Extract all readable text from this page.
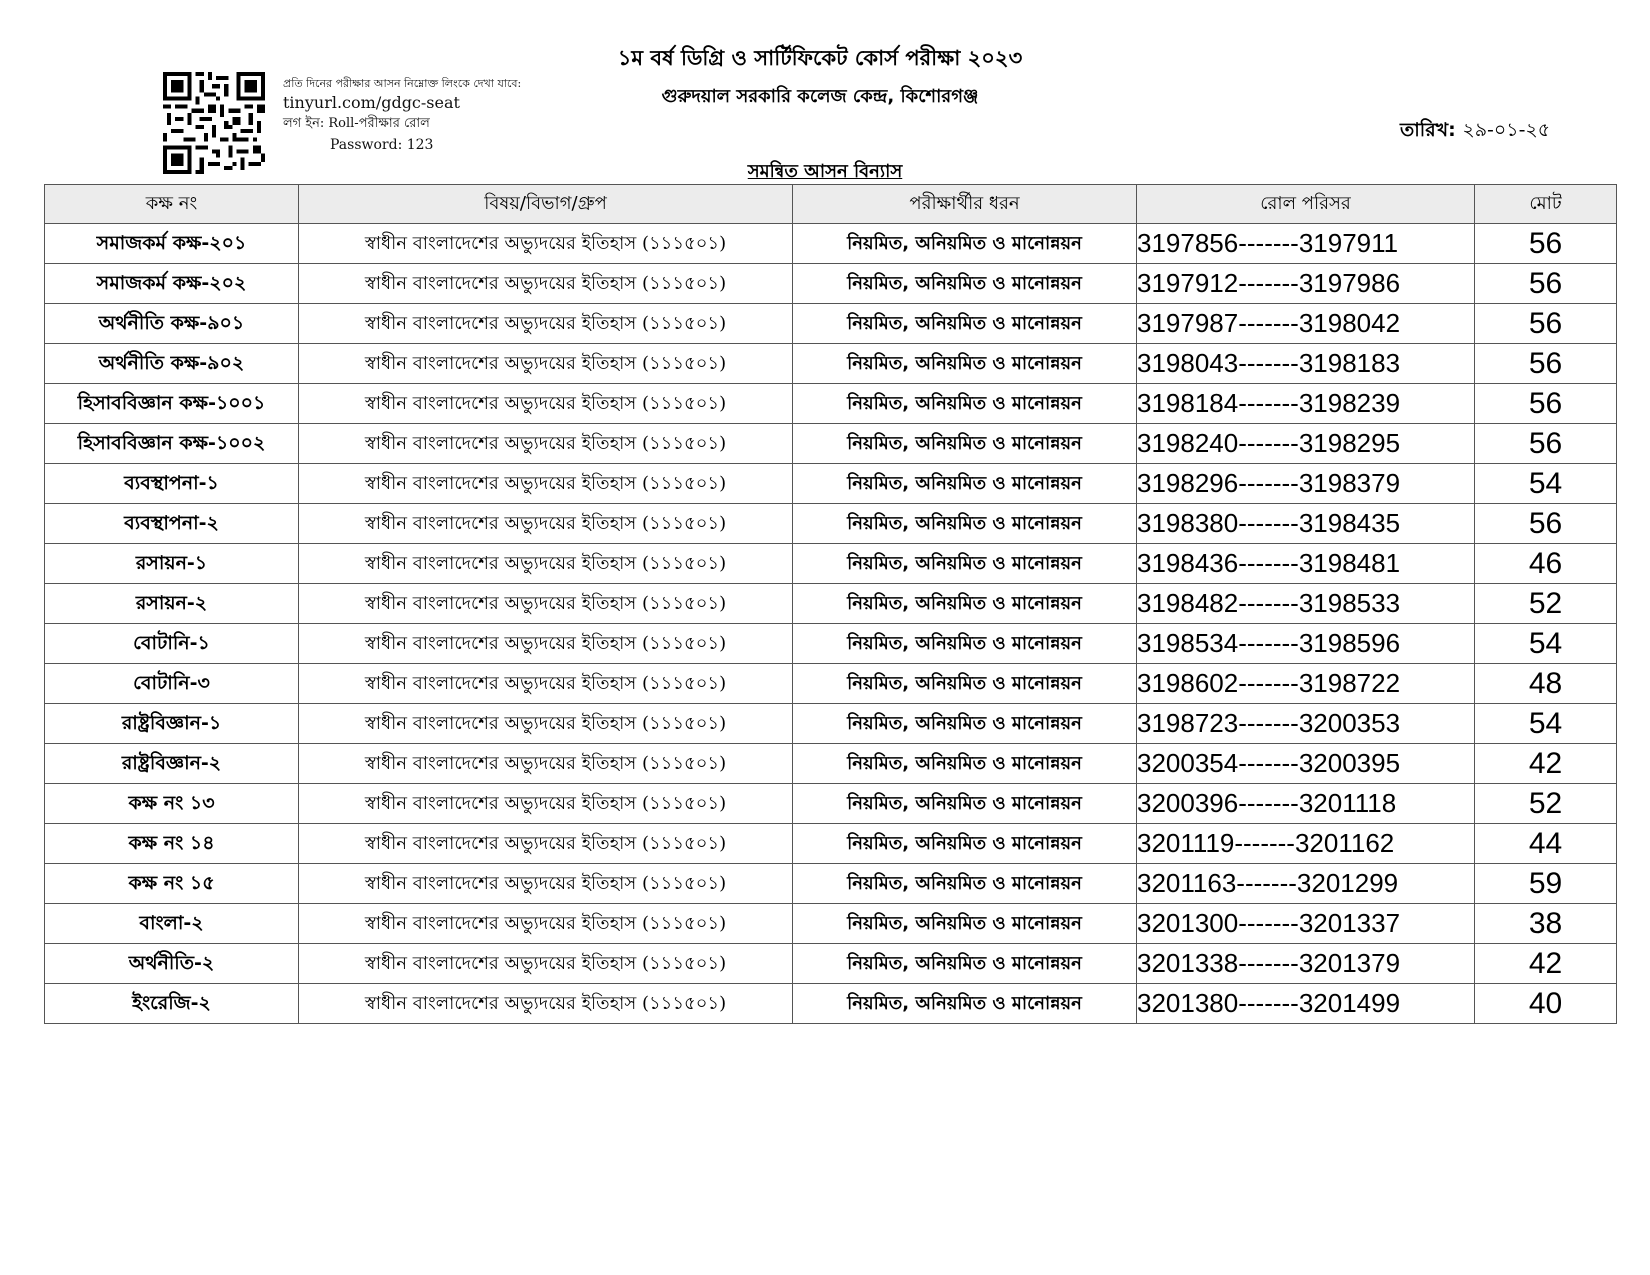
প্রতি দিনের পরীক্ষার আসন নিম্নোক্ত লিংকে দেখা যাবে:
tinyurl.com/gdgc-seat
লগ ইন: Roll-পরীক্ষার রোল
Password: 123
১ম বর্ষ ডিগ্রি ও সার্টিফিকেট কোর্স পরীক্ষা ২০২৩
গুরুদয়াল সরকারি কলেজ কেন্দ্র, কিশোরগঞ্জ
তারিখ: ২৯-০১-২৫
সমন্বিত আসন বিন্যাস
কক্ষ নং	বিষয়/বিভাগ/গ্রুপ	পরীক্ষার্থীর ধরন	রোল পরিসর	মোট
সমাজকর্ম কক্ষ-২০১	স্বাধীন বাংলাদেশের অভ্যুদয়ের ইতিহাস (১১১৫০১)	নিয়মিত, অনিয়মিত ও মানোন্নয়ন	3197856-------3197911	56
সমাজকর্ম কক্ষ-২০২	স্বাধীন বাংলাদেশের অভ্যুদয়ের ইতিহাস (১১১৫০১)	নিয়মিত, অনিয়মিত ও মানোন্নয়ন	3197912-------3197986	56
অর্থনীতি কক্ষ-৯০১	স্বাধীন বাংলাদেশের অভ্যুদয়ের ইতিহাস (১১১৫০১)	নিয়মিত, অনিয়মিত ও মানোন্নয়ন	3197987-------3198042	56
অর্থনীতি কক্ষ-৯০২	স্বাধীন বাংলাদেশের অভ্যুদয়ের ইতিহাস (১১১৫০১)	নিয়মিত, অনিয়মিত ও মানোন্নয়ন	3198043-------3198183	56
হিসাববিজ্ঞান কক্ষ-১০০১	স্বাধীন বাংলাদেশের অভ্যুদয়ের ইতিহাস (১১১৫০১)	নিয়মিত, অনিয়মিত ও মানোন্নয়ন	3198184-------3198239	56
হিসাববিজ্ঞান কক্ষ-১০০২	স্বাধীন বাংলাদেশের অভ্যুদয়ের ইতিহাস (১১১৫০১)	নিয়মিত, অনিয়মিত ও মানোন্নয়ন	3198240-------3198295	56
ব্যবস্থাপনা-১	স্বাধীন বাংলাদেশের অভ্যুদয়ের ইতিহাস (১১১৫০১)	নিয়মিত, অনিয়মিত ও মানোন্নয়ন	3198296-------3198379	54
ব্যবস্থাপনা-২	স্বাধীন বাংলাদেশের অভ্যুদয়ের ইতিহাস (১১১৫০১)	নিয়মিত, অনিয়মিত ও মানোন্নয়ন	3198380-------3198435	56
রসায়ন-১	স্বাধীন বাংলাদেশের অভ্যুদয়ের ইতিহাস (১১১৫০১)	নিয়মিত, অনিয়মিত ও মানোন্নয়ন	3198436-------3198481	46
রসায়ন-২	স্বাধীন বাংলাদেশের অভ্যুদয়ের ইতিহাস (১১১৫০১)	নিয়মিত, অনিয়মিত ও মানোন্নয়ন	3198482-------3198533	52
বোটানি-১	স্বাধীন বাংলাদেশের অভ্যুদয়ের ইতিহাস (১১১৫০১)	নিয়মিত, অনিয়মিত ও মানোন্নয়ন	3198534-------3198596	54
বোটানি-৩	স্বাধীন বাংলাদেশের অভ্যুদয়ের ইতিহাস (১১১৫০১)	নিয়মিত, অনিয়মিত ও মানোন্নয়ন	3198602-------3198722	48
রাষ্ট্রবিজ্ঞান-১	স্বাধীন বাংলাদেশের অভ্যুদয়ের ইতিহাস (১১১৫০১)	নিয়মিত, অনিয়মিত ও মানোন্নয়ন	3198723-------3200353	54
রাষ্ট্রবিজ্ঞান-২	স্বাধীন বাংলাদেশের অভ্যুদয়ের ইতিহাস (১১১৫০১)	নিয়মিত, অনিয়মিত ও মানোন্নয়ন	3200354-------3200395	42
কক্ষ নং ১৩	স্বাধীন বাংলাদেশের অভ্যুদয়ের ইতিহাস (১১১৫০১)	নিয়মিত, অনিয়মিত ও মানোন্নয়ন	3200396-------3201118	52
কক্ষ নং ১৪	স্বাধীন বাংলাদেশের অভ্যুদয়ের ইতিহাস (১১১৫০১)	নিয়মিত, অনিয়মিত ও মানোন্নয়ন	3201119-------3201162	44
কক্ষ নং ১৫	স্বাধীন বাংলাদেশের অভ্যুদয়ের ইতিহাস (১১১৫০১)	নিয়মিত, অনিয়মিত ও মানোন্নয়ন	3201163-------3201299	59
বাংলা-২	স্বাধীন বাংলাদেশের অভ্যুদয়ের ইতিহাস (১১১৫০১)	নিয়মিত, অনিয়মিত ও মানোন্নয়ন	3201300-------3201337	38
অর্থনীতি-২	স্বাধীন বাংলাদেশের অভ্যুদয়ের ইতিহাস (১১১৫০১)	নিয়মিত, অনিয়মিত ও মানোন্নয়ন	3201338-------3201379	42
ইংরেজি-২	স্বাধীন বাংলাদেশের অভ্যুদয়ের ইতিহাস (১১১৫০১)	নিয়মিত, অনিয়মিত ও মানোন্নয়ন	3201380-------3201499	40
